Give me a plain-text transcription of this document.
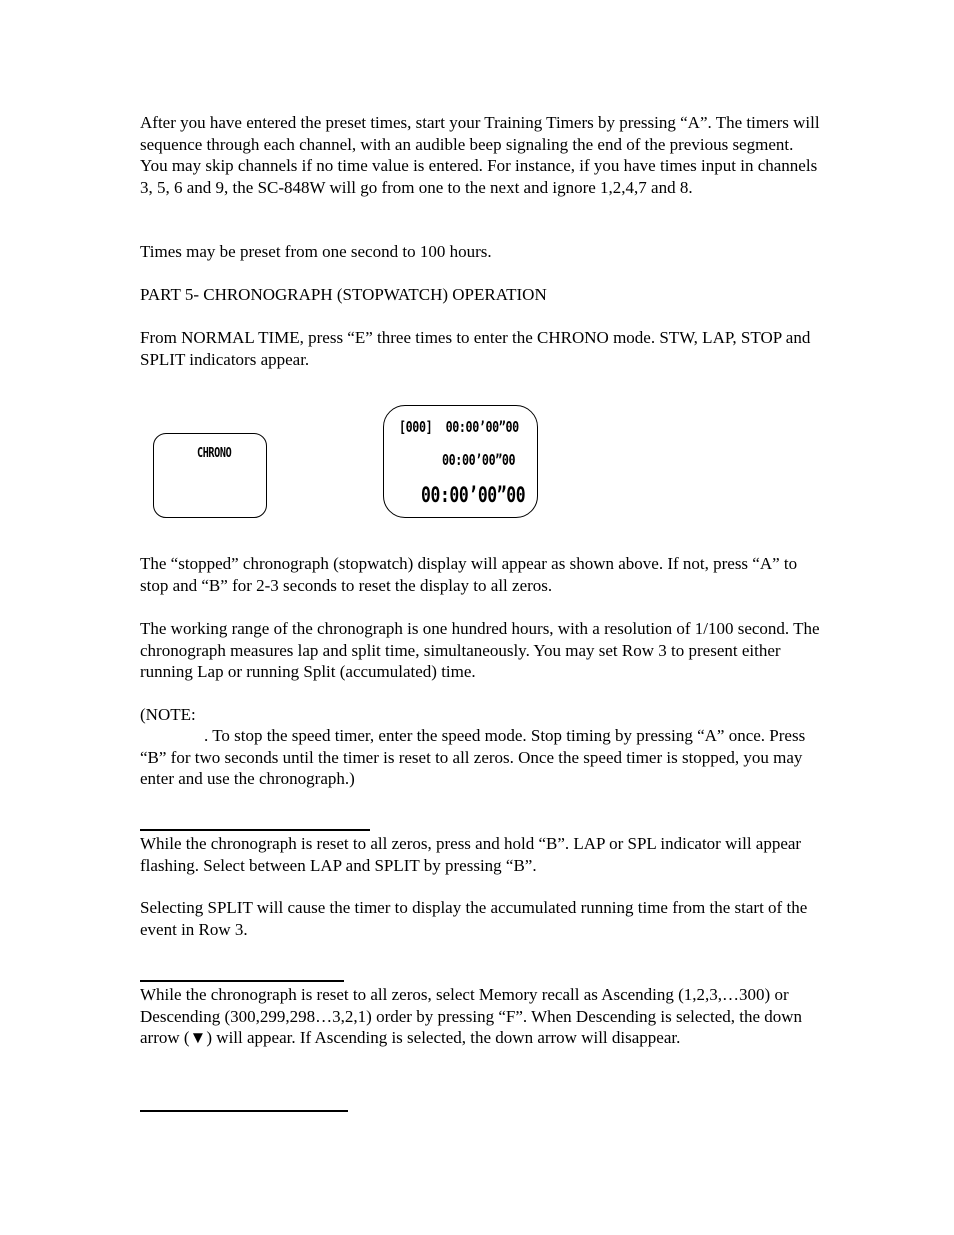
After you have entered the preset times, start your Training Timers by pressing “A”. The timers will sequence through each channel, with an audible beep signaling the end of the previous segment. You may skip channels if no time value is entered. For instance, if you have times input in channels 3, 5, 6 and 9, the SC-848W will go from one to the next and ignore 1,2,4,7 and 8.

Times may be preset from one second to 100 hours.

PART 5- CHRONOGRAPH (STOPWATCH) OPERATION

From NORMAL TIME, press “E” three times to enter the CHRONO mode. STW, LAP, STOP and SPLIT indicators appear.

CHRONO
[000]  00:00’00”00
00:00’00”00
00:00’00”00

The “stopped” chronograph (stopwatch) display will appear as shown above. If not, press “A” to stop and “B” for 2-3 seconds to reset the display to all zeros.

The working range of the chronograph is one hundred hours, with a resolution of 1/100 second. The chronograph measures lap and split time, simultaneously. You may set Row 3 to present either running Lap or running Split (accumulated) time.

(NOTE:

. To stop the speed timer, enter the speed mode. Stop timing by pressing “A” once. Press “B” for two seconds until the timer is reset to all zeros. Once the speed timer is stopped, you may enter and use the chronograph.)

While the chronograph is reset to all zeros, press and hold “B”. LAP or SPL indicator will appear flashing. Select between LAP and SPLIT by pressing “B”.

Selecting SPLIT will cause the timer to display the accumulated running time from the start of the event in Row 3.

While the chronograph is reset to all zeros, select Memory recall as Ascending (1,2,3,…300) or Descending (300,299,298…3,2,1) order by pressing “F”. When Descending is selected, the down arrow (▼) will appear. If Ascending is selected, the down arrow will disappear.
